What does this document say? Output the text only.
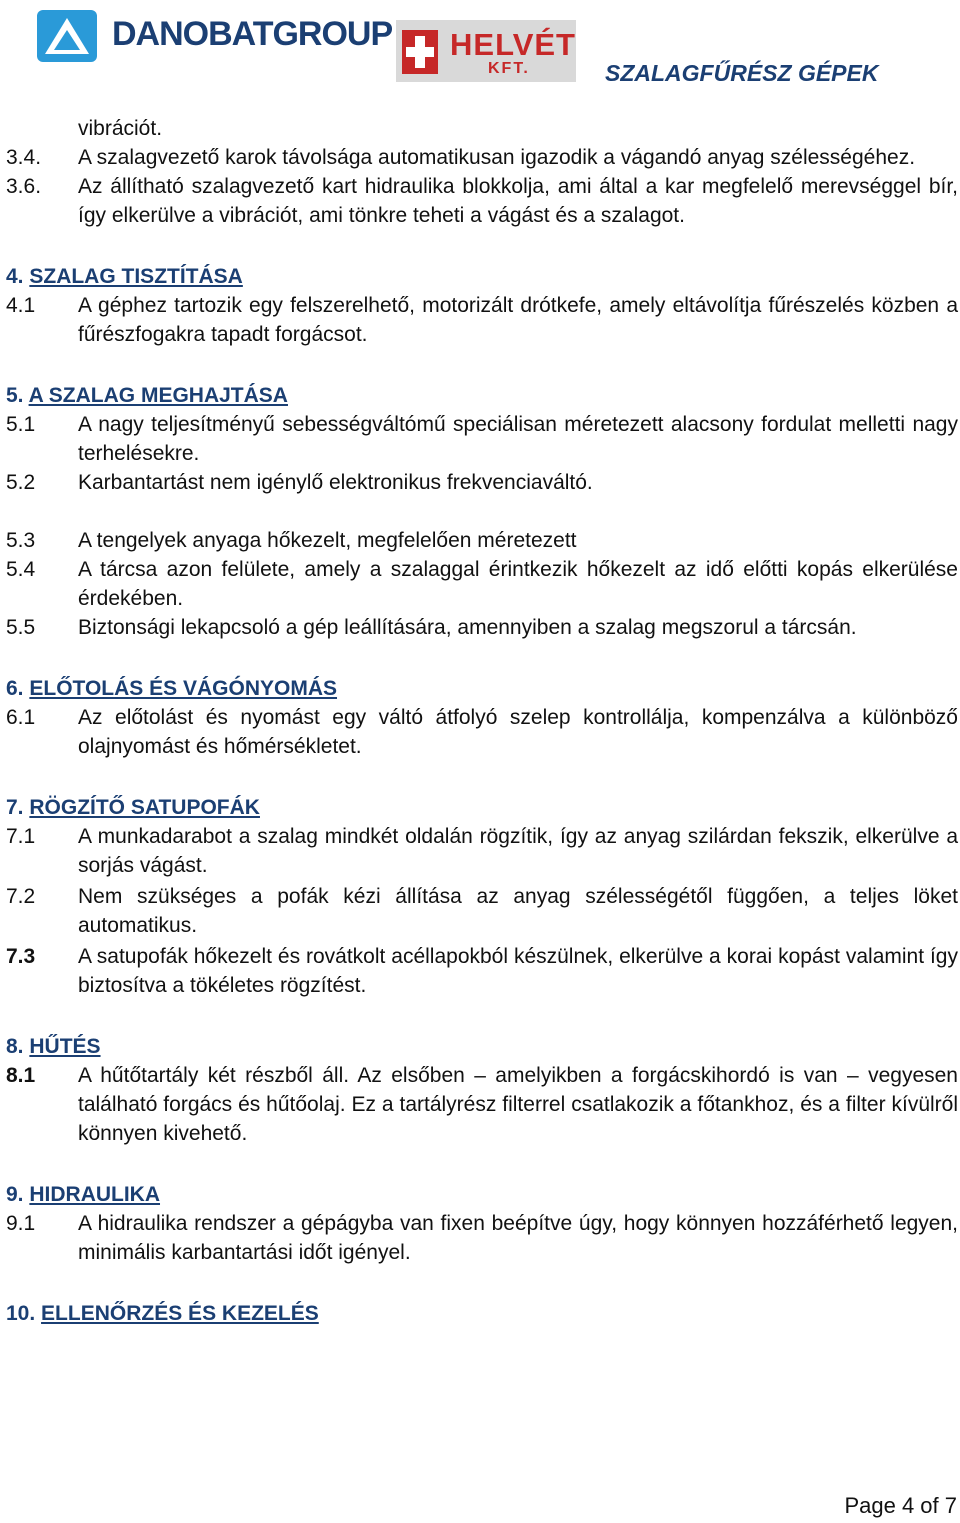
DANOBATGROUP HELVÉT
KFT.	SZALAGFŰRÉSZ GÉPEK
vibrációt.
3.4.	A szalagvezető karok távolsága automatikusan igazodik a vágandó anyag szélességéhez.
3.6.	Az állítható szalagvezető kart hidraulika blokkolja, ami által a kar megfelelő merevséggel bír, így elkerülve a vibrációt, ami tönkre teheti a vágást és a szalagot.
4. SZALAG TISZTÍTÁSA
4.1	A géphez tartozik egy felszerelhető, motorizált drótkefe, amely eltávolítja fűrészelés közben a fűrészfogakra tapadt forgácsot.
5. A SZALAG MEGHAJTÁSA
5.1	A nagy teljesítményű sebességváltómű speciálisan méretezett alacsony fordulat melletti nagy terhelésekre.
5.2	Karbantartást nem igénylő elektronikus frekvenciaváltó.
5.3	A tengelyek anyaga hőkezelt, megfelelően méretezett
5.4	A tárcsa azon felülete, amely a szalaggal érintkezik hőkezelt az idő előtti kopás elkerülése érdekében.
5.5	Biztonsági lekapcsoló a gép leállítására, amennyiben a szalag megszorul a tárcsán.
6. ELŐTOLÁS ÉS VÁGÓNYOMÁS
6.1	Az előtolást és nyomást egy váltó átfolyó szelep kontrollálja, kompenzálva a különböző olajnyomást és hőmérsékletet.
7. RÖGZÍTŐ SATUPOFÁK
7.1	A munkadarabot a szalag mindkét oldalán rögzítik, így az anyag szilárdan fekszik, elkerülve a sorjás vágást.
7.2	Nem szükséges a pofák kézi állítása az anyag szélességétől függően, a teljes löket automatikus.
7.3	A satupofák hőkezelt és rovátkolt acéllapokból készülnek, elkerülve a korai kopást valamint így biztosítva a tökéletes rögzítést.
8. HŰTÉS
8.1	A hűtőtartály két részből áll. Az elsőben – amelyikben a forgácskihordó is van – vegyesen található forgács és hűtőolaj. Ez a tartályrész filterrel csatlakozik a főtankhoz, és a filter kívülről könnyen kivehető.
9. HIDRAULIKA
9.1	A hidraulika rendszer a gépágyba van fixen beépítve úgy, hogy könnyen hozzáférhető legyen, minimális karbantartási időt igényel.
10. ELLENŐRZÉS ÉS KEZELÉS
Page 4 of 7
